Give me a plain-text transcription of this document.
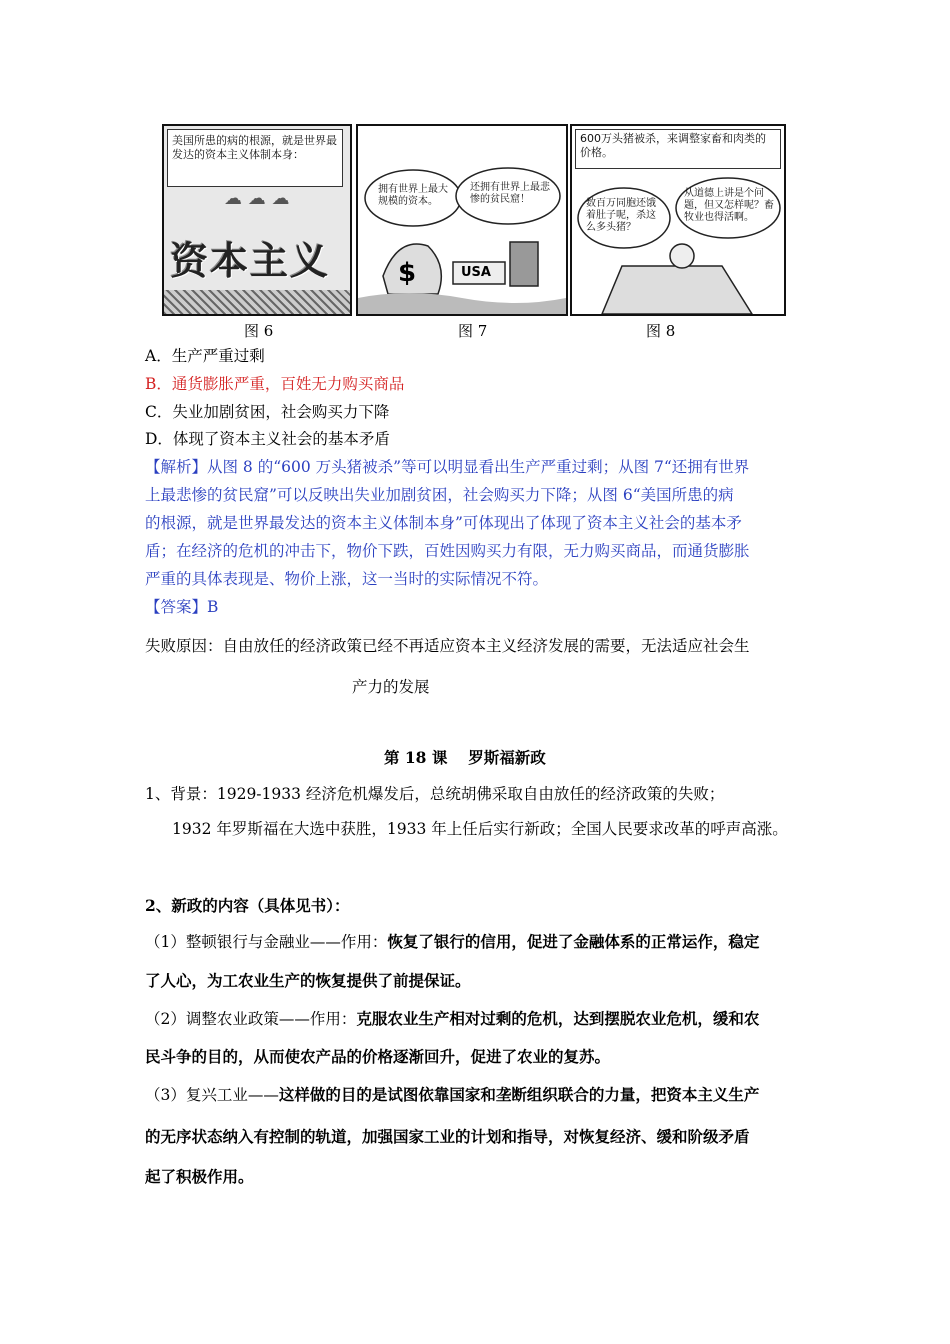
美国所患的病的根源，就是世界最发达的资本主义体制本身：
☁ ☁ ☁
资本主义
图 6
拥有世界上最大规模的资本。
还拥有世界上最悲惨的贫民窟！
$	USA
图 7
600万头猪被杀，来调整家畜和肉类的价格。
数百万同胞还饿着肚子呢，杀这么多头猪？
从道德上讲是个问题，但又怎样呢？畜牧业也得活啊。
图 8
A．生产严重过剩
B．通货膨胀严重，百姓无力购买商品
C．失业加剧贫困，社会购买力下降
D．体现了资本主义社会的基本矛盾
【解析】从图 8 的“600 万头猪被杀”等可以明显看出生产严重过剩；从图 7“还拥有世界
上最悲惨的贫民窟”可以反映出失业加剧贫困，社会购买力下降；从图 6“美国所患的病
的根源，就是世界最发达的资本主义体制本身”可体现出了体现了资本主义社会的基本矛
盾；在经济的危机的冲击下，物价下跌，百姓因购买力有限，无力购买商品，而通货膨胀
严重的具体表现是、物价上涨，这一当时的实际情况不符。
【答案】B
失败原因：自由放任的经济政策已经不再适应资本主义经济发展的需要，无法适应社会生
产力的发展
第 18 课　 罗斯福新政
1、背景：1929-1933 经济危机爆发后，总统胡佛采取自由放任的经济政策的失败；
1932 年罗斯福在大选中获胜，1933 年上任后实行新政；全国人民要求改革的呼声高涨。
2、新政的内容（具体见书）：
（1）整顿银行与金融业——作用：恢复了银行的信用，促进了金融体系的正常运作，稳定
了人心，为工农业生产的恢复提供了前提保证。
（2）调整农业政策——作用：克服农业生产相对过剩的危机，达到摆脱农业危机，缓和农
民斗争的目的，从而使农产品的价格逐渐回升，促进了农业的复苏。
（3）复兴工业——这样做的目的是试图依靠国家和垄断组织联合的力量，把资本主义生产
的无序状态纳入有控制的轨道，加强国家工业的计划和指导，对恢复经济、缓和阶级矛盾
起了积极作用。
